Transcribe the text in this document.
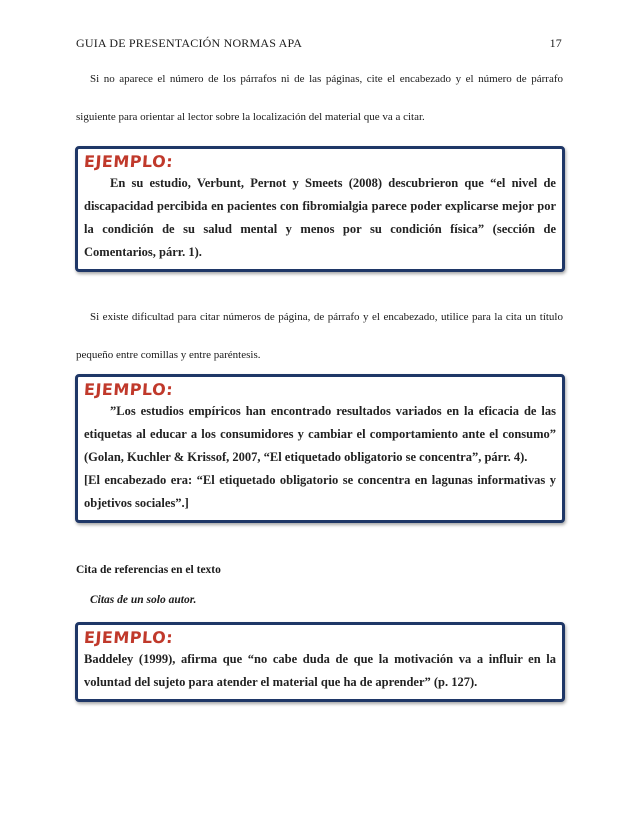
GUIA DE PRESENTACIÓN NORMAS APA	17

Si no aparece el número de los párrafos ni de las páginas, cite el encabezado y el número de párrafo siguiente para orientar al lector sobre la localización del material que va a citar.

EJEMPLO:

En su estudio, Verbunt, Pernot y Smeets (2008) descubrieron que “el nivel de discapacidad percibida en pacientes con fibromialgia parece poder explicarse mejor por la condición de su salud mental y menos por su condición física” (sección de Comentarios, párr. 1).

Si existe dificultad para citar números de página, de párrafo y el encabezado, utilice para la cita un título pequeño entre comillas y entre paréntesis.

EJEMPLO:

”Los estudios empíricos han encontrado resultados variados en la eficacia de las etiquetas al educar a los consumidores y cambiar el comportamiento ante el consumo” (Golan, Kuchler & Krissof, 2007, “El etiquetado obligatorio se concentra”, párr. 4).

[El encabezado era: “El etiquetado obligatorio se concentra en lagunas informativas y objetivos sociales”.]

Cita de referencias en el texto

Citas de un solo autor.

EJEMPLO:

Baddeley (1999), afirma que “no cabe duda de que la motivación va a influir en la voluntad del sujeto para atender el material que ha de aprender” (p. 127).
